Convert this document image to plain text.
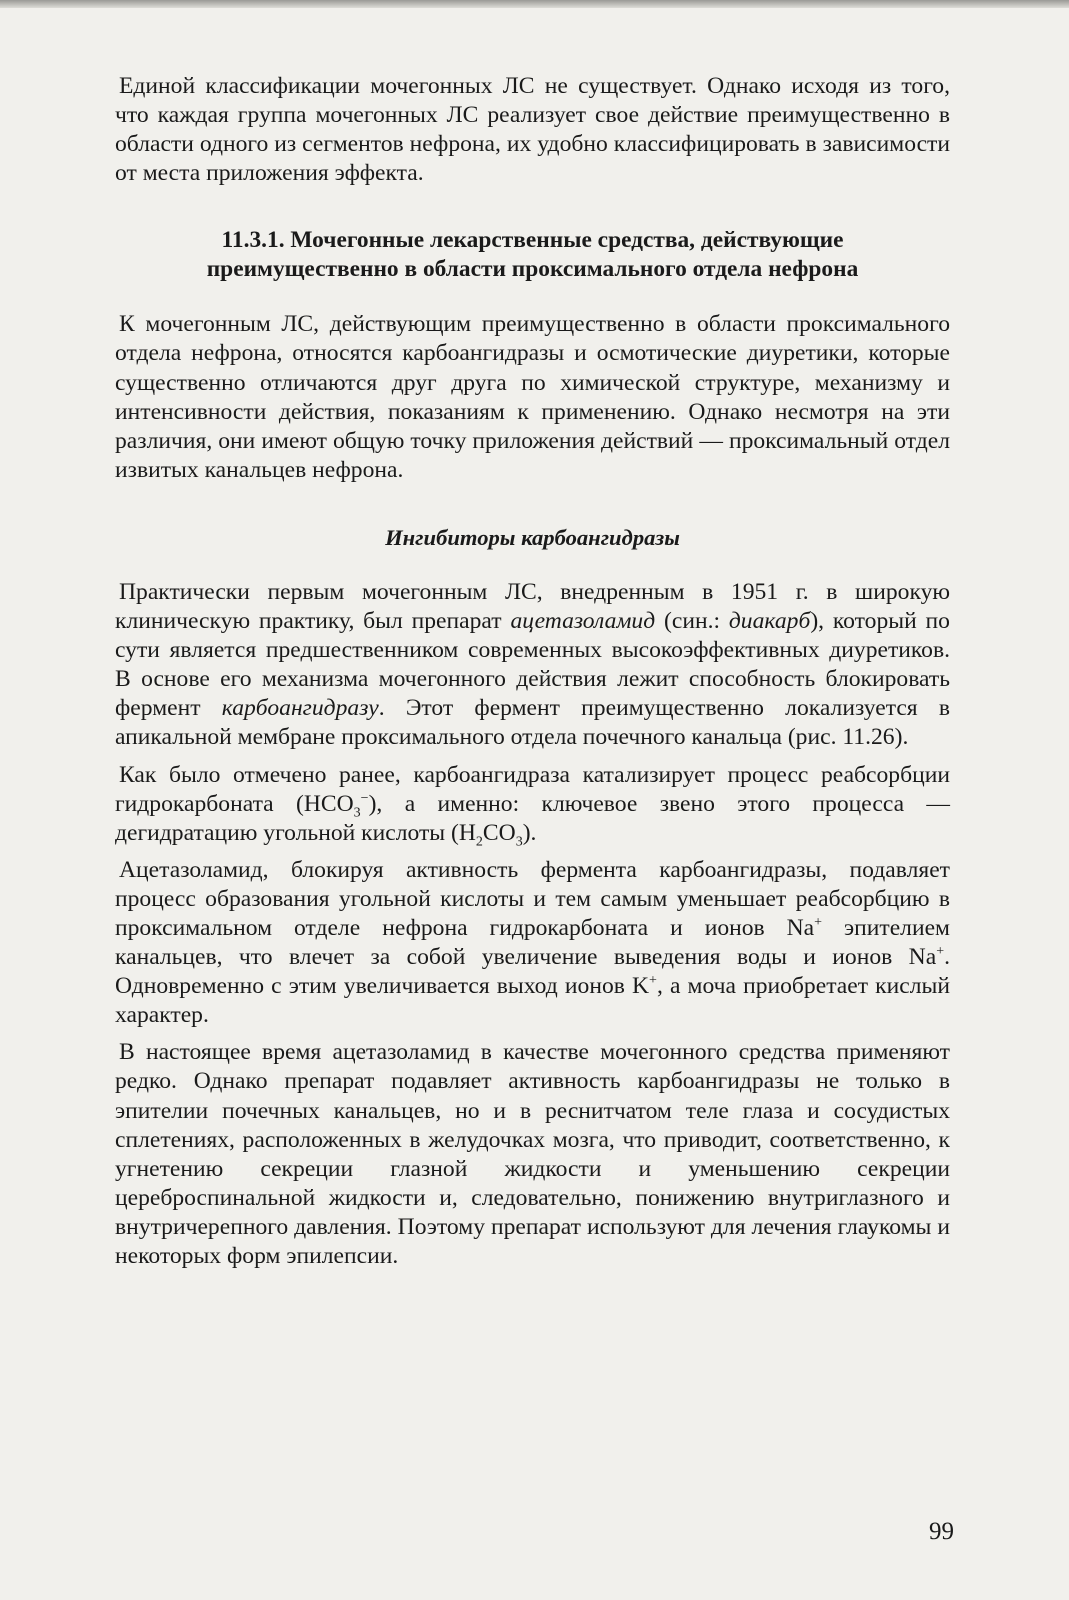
Единой классификации мочегонных ЛС не существует. Однако исходя из того, что каждая группа мочегонных ЛС реализует свое действие преимущественно в области одного из сегментов нефрона, их удобно классифицировать в зависимости от места приложения эффекта.

11.3.1. Мочегонные лекарственные средства, действующие
преимущественно в области проксимального отдела нефрона

К мочегонным ЛС, действующим преимущественно в области проксимального отдела нефрона, относятся карбоангидразы и осмотические диуретики, которые существенно отличаются друг друга по химической структуре, механизму и интенсивности действия, показаниям к применению. Однако несмотря на эти различия, они имеют общую точку приложения действий — проксимальный отдел извитых канальцев нефрона.

Ингибиторы карбоангидразы

Практически первым мочегонным ЛС, внедренным в 1951 г. в широкую клиническую практику, был препарат ацетазоламид (син.: диакарб), который по сути является предшественником современных высокоэффективных диуретиков. В основе его механизма мочегонного действия лежит способность блокировать фермент карбоангидразу. Этот фермент преимущественно локализуется в апикальной мембране проксимального отдела почечного канальца (рис. 11.26).

Как было отмечено ранее, карбоангидраза катализирует процесс реабсорбции гидрокарбоната $(HCO_3^-)$, а именно: ключевое звено этого процесса — дегидратацию угольной кислоты $(H_2CO_3)$.

Ацетазоламид, блокируя активность фермента карбоангидразы, подавляет процесс образования угольной кислоты и тем самым уменьшает реабсорбцию в проксимальном отделе нефрона гидрокарбоната и ионов Na+ эпителием канальцев, что влечет за собой увеличение выведения воды и ионов Na+. Одновременно с этим увеличивается выход ионов K+, а моча приобретает кислый характер.

В настоящее время ацетазоламид в качестве мочегонного средства применяют редко. Однако препарат подавляет активность карбоангидразы не только в эпителии почечных канальцев, но и в реснитчатом теле глаза и сосудистых сплетениях, расположенных в желудочках мозга, что приводит, соответственно, к угнетению секреции глазной жидкости и уменьшению секреции цереброспинальной жидкости и, следовательно, понижению внутриглазного и внутричерепного давления. Поэтому препарат используют для лечения глаукомы и некоторых форм эпилепсии.

99
